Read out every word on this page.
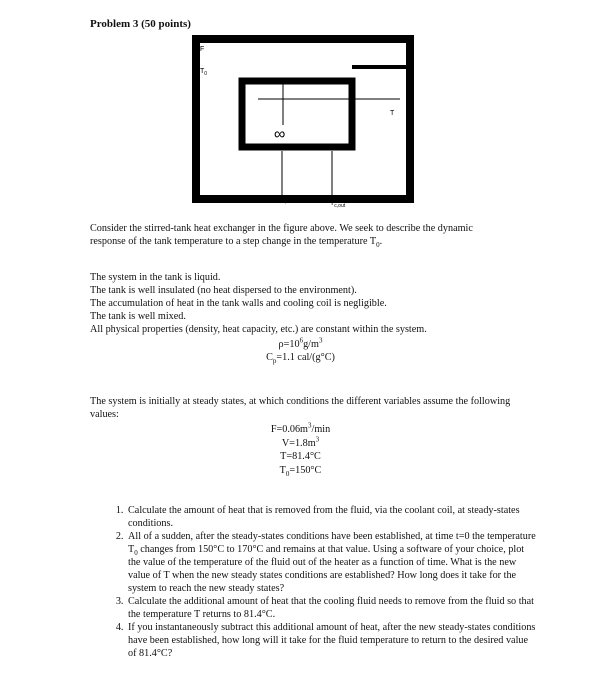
Problem 3 (50 points)
F
$T_0$
∞
T
$F_c$ $T_{c,in}$	$T_{c,out}$

Consider the stirred-tank heat exchanger in the figure above. We seek to describe the dynamic response of the tank temperature to a step change in the temperature $T_0$.

The system in the tank is liquid.

The tank is well insulated (no heat dispersed to the environment).

The accumulation of heat in the tank walls and cooling coil is negligible.

The tank is well mixed.

All physical properties (density, heat capacity, etc.) are constant within the system.

$\rho=10^6g/m^3$
$C_p=1.1$ cal/(g°C)

The system is initially at steady states, at which conditions the different variables assume the following values:

$F=0.06m^3/\min$
$V=1.8m^3$
T=81.4°C
$T_0=150^\circ C$
1. Calculate the amount of heat that is removed from the fluid, via the coolant coil, at steady-states conditions.
2. All of a sudden, after the steady-states conditions have been established, at time t=0 the temperature $T_0$ changes from 150°C to 170°C and remains at that value. Using a software of your choice, plot the value of the temperature of the fluid out of the heater as a function of time. What is the new value of T when the new steady states conditions are established? How long does it take for the system to reach the new steady states?
3. Calculate the additional amount of heat that the cooling fluid needs to remove from the fluid so that the temperature T returns to 81.4°C.
4. If you instantaneously subtract this additional amount of heat, after the new steady-states conditions have been established, how long will it take for the fluid temperature to return to the desired value of 81.4°C?
